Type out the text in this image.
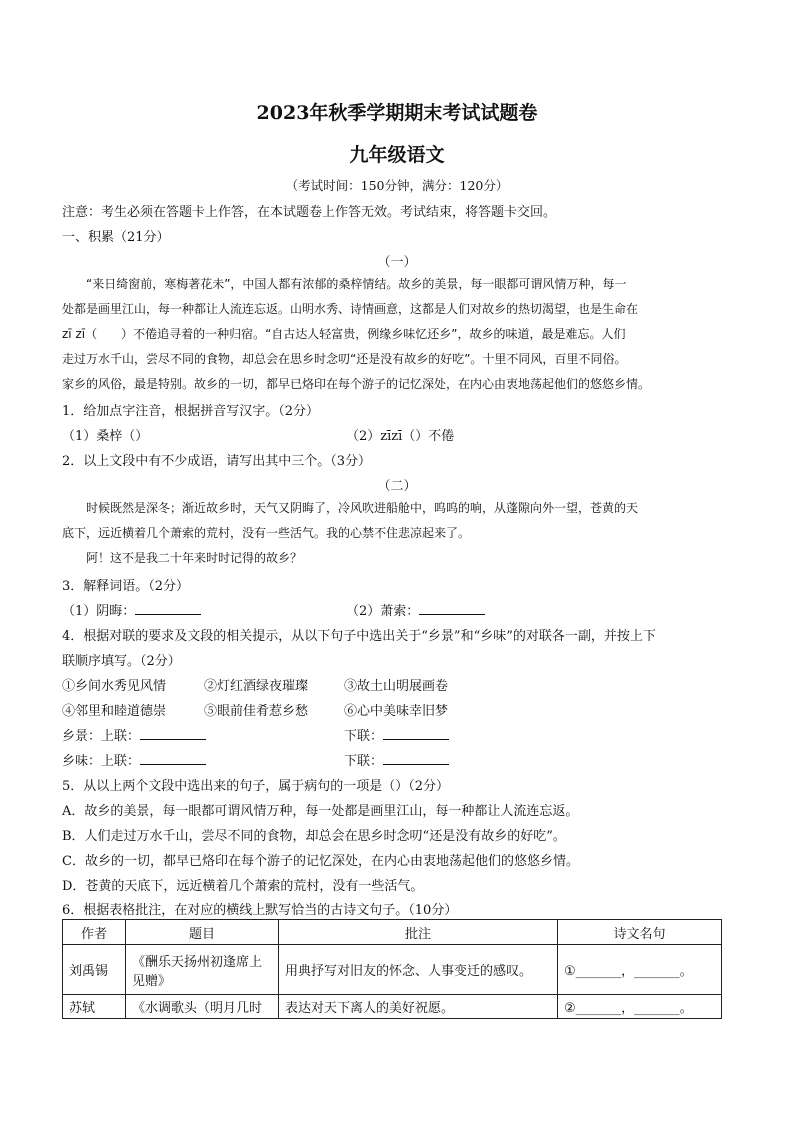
2023年秋季学期期末考试试题卷
九年级语文
（考试时间：150分钟，满分：120分）
注意：考生必须在答题卡上作答，在本试题卷上作答无效。考试结束，将答题卡交回。
一、积累（21分）
（一）
“来日绮窗前，寒梅著花未”，中国人都有浓郁的桑梓情结。故乡的美景，每一眼都可谓风情万种，每一
处都是画里江山，每一种都让人流连忘返。山明水秀、诗情画意，这都是人们对故乡的热切渴望，也是生命在
zī zī（　　）不倦追寻着的一种归宿。“自古达人轻富贵，例缘乡味忆还乡”，故乡的味道，最是难忘。人们
走过万水千山，尝尽不同的食物，却总会在思乡时念叨“还是没有故乡的好吃”。十里不同风，百里不同俗。
家乡的风俗，最是特别。故乡的一切，都早已烙印在每个游子的记忆深处，在内心由衷地荡起他们的悠悠乡情。
1．给加点字注音，根据拼音写汉字。（2分）
（1）桑梓（）	（2）zīzī（）不倦
2．以上文段中有不少成语，请写出其中三个。（3分）
（二）
时候既然是深冬；渐近故乡时，天气又阴晦了，冷风吹进船舱中，呜呜的响，从蓬隙向外一望，苍黄的天
底下，远近横着几个萧索的荒村，没有一些活气。我的心禁不住悲凉起来了。
阿！这不是我二十年来时时记得的故乡？
3．解释词语。（2分）
（1）阴晦：	（2）萧索：
4．根据对联的要求及文段的相关提示，从以下句子中选出关于“乡景”和“乡味”的对联各一副，并按上下
联顺序填写。（2分）
①乡间水秀见风情	②灯红酒绿夜璀璨	③故土山明展画卷
④邻里和睦道德崇	⑤眼前佳肴惹乡愁	⑥心中美味幸旧梦
乡景：上联：	下联：
乡味：上联：	下联：
5．从以上两个文段中选出来的句子，属于病句的一项是（）（2分）
A．故乡的美景，每一眼都可谓风情万种，每一处都是画里江山，每一种都让人流连忘返。
B．人们走过万水千山，尝尽不同的食物，却总会在思乡时念叨“还是没有故乡的好吃”。
C．故乡的一切，都早已烙印在每个游子的记忆深处，在内心由衷地荡起他们的悠悠乡情。
D．苍黄的天底下，远近横着几个萧索的荒村，没有一些活气。
6．根据表格批注，在对应的横线上默写恰当的古诗文句子。（10分）
作者	题目	批注	诗文名句
刘禹锡	《酬乐天扬州初逢席上见赠》	用典抒写对旧友的怀念、人事变迁的感叹。	①_______，_______。
苏轼	《水调歌头（明月几时	表达对天下离人的美好祝愿。	②_______，_______。
